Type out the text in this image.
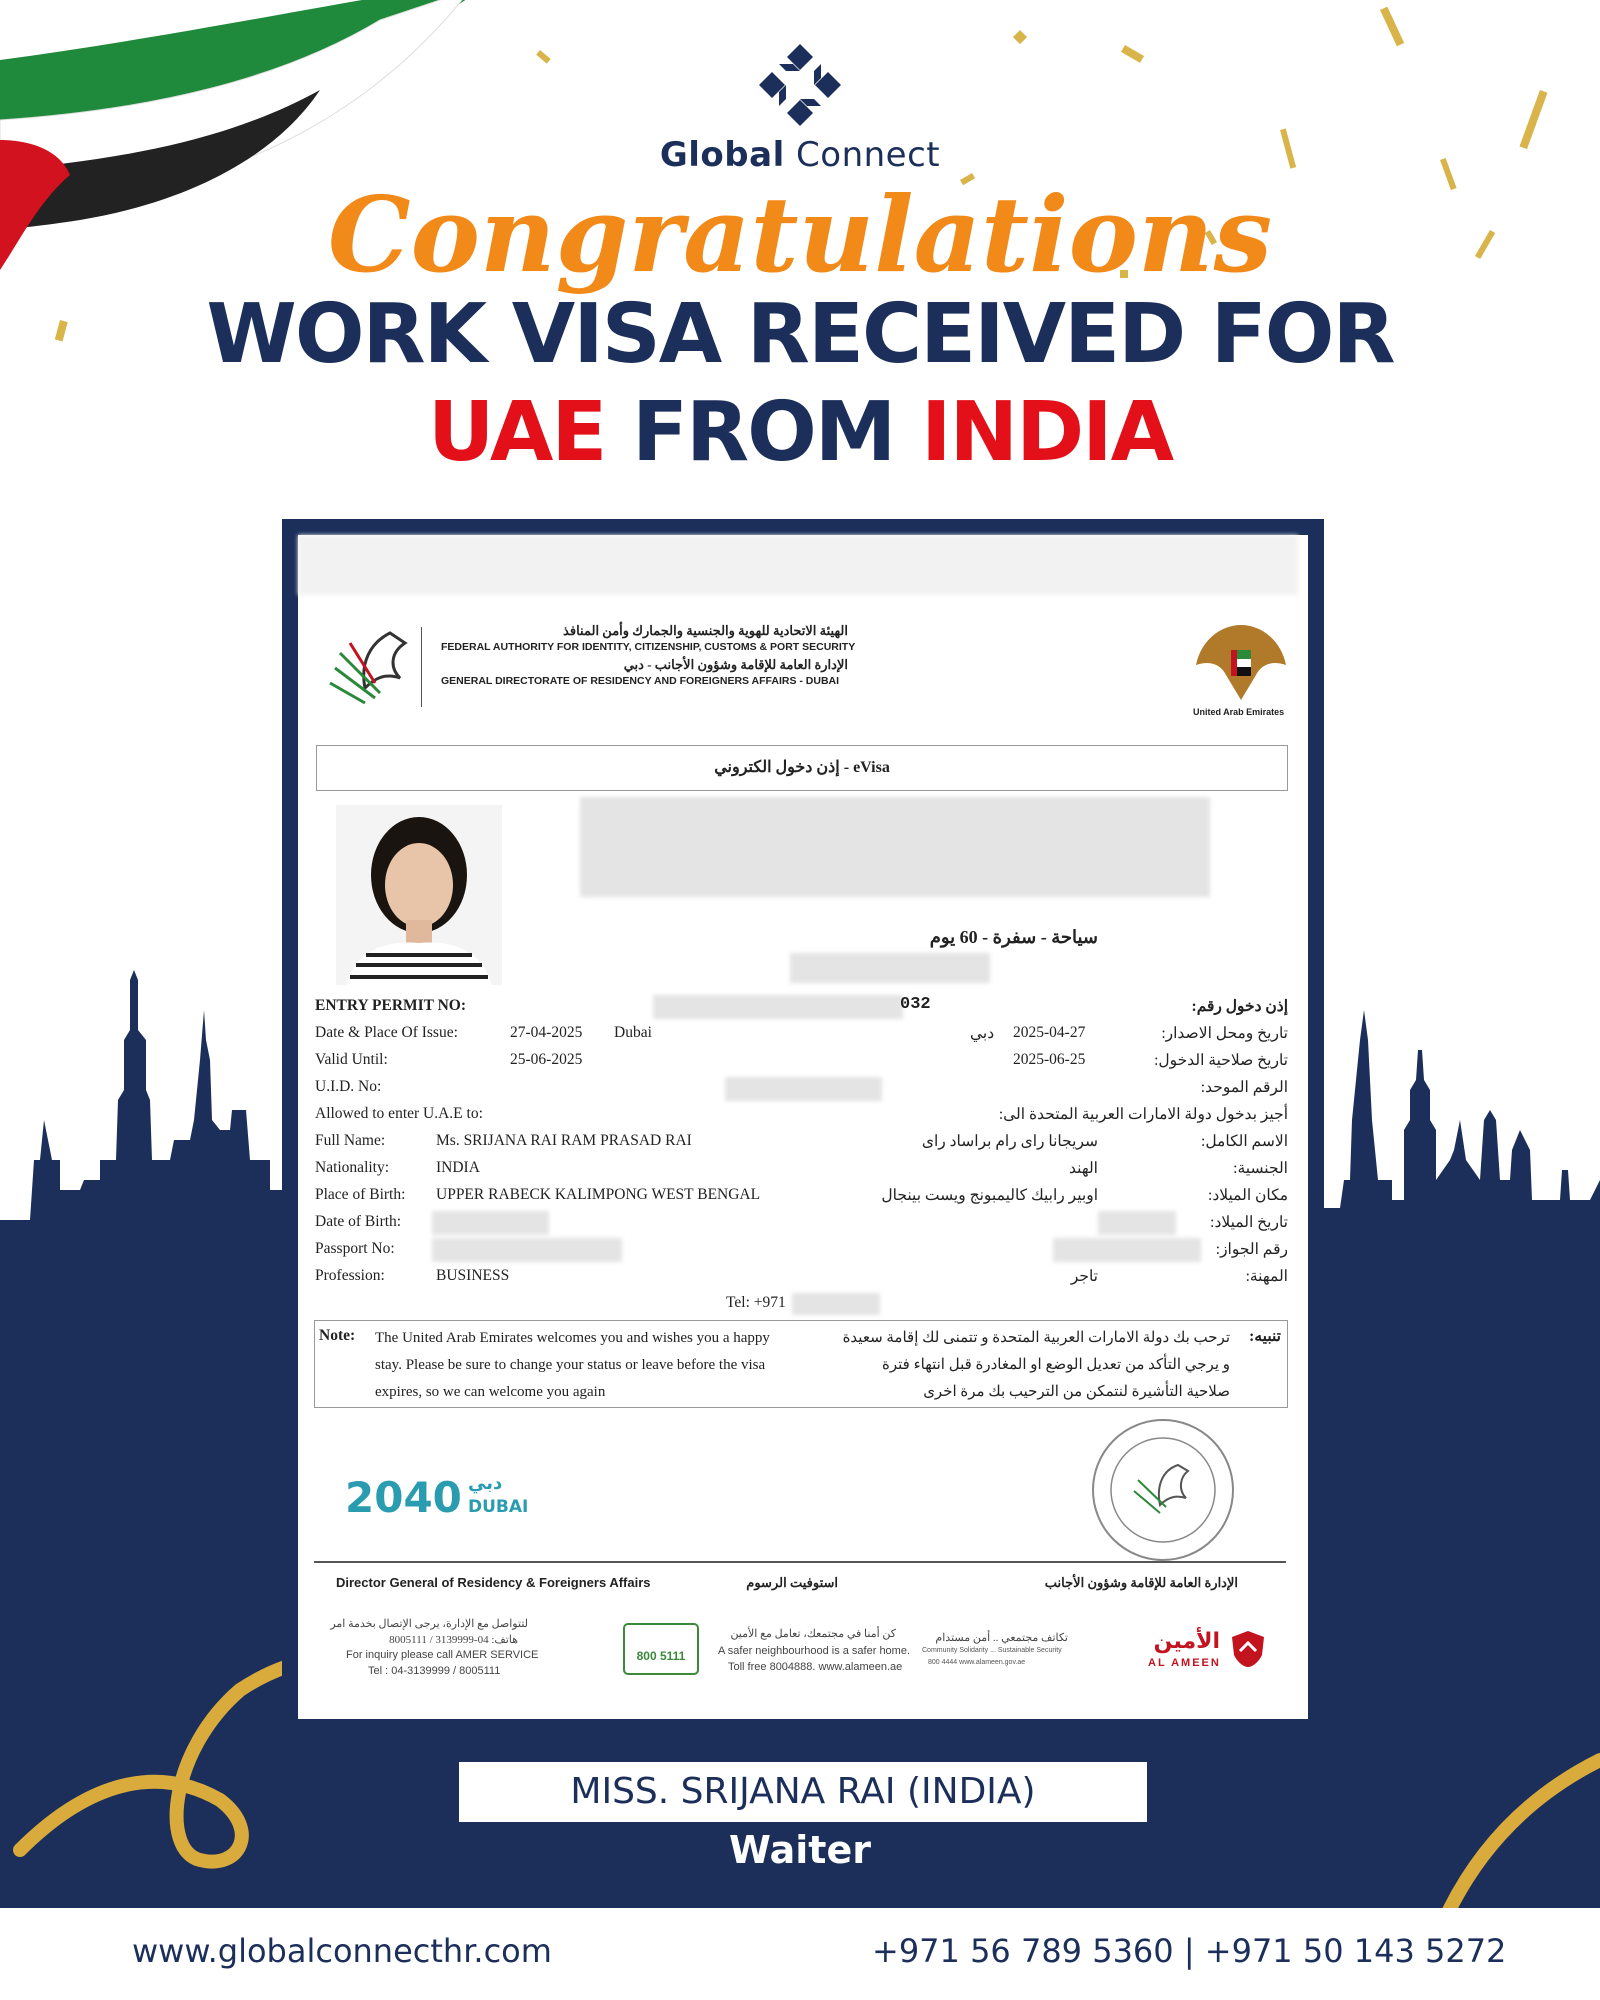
Global Connect
Congratulations
WORK VISA RECEIVED FOR
UAE FROM INDIA
الهيئة الاتحادية للهوية والجنسية والجمارك وأمن المنافذ
FEDERAL AUTHORITY FOR IDENTITY, CITIZENSHIP, CUSTOMS & PORT SECURITY
الإدارة العامة للإقامة وشؤون الأجانب - دبي
GENERAL DIRECTORATE OF RESIDENCY AND FOREIGNERS AFFAIRS - DUBAI
United Arab Emirates
إذن دخول الكتروني - eVisa
سياحة - سفرة - 60 يوم
ENTRY PERMIT NO:	032	إذن دخول رقم:
Date & Place Of Issue:	27-04-2025 Dubai	دبي 2025-04-27	تاريخ ومحل الاصدار:
Valid Until:	25-06-2025	2025-06-25	تاريخ صلاحية الدخول:
U.I.D. No:	الرقم الموحد:
Allowed to enter U.A.E to:	أجيز بدخول دولة الامارات العربية المتحدة الى:
Full Name:	Ms. SRIJANA RAI RAM PRASAD RAI	سريجانا راى رام براساد راى	الاسم الكامل:
Nationality:	INDIA	الهند	الجنسية:
Place of Birth: UPPER RABECK KALIMPONG WEST BENGAL	اوبير رابيك كاليمبونج ويست بينجال	مكان الميلاد:
Date of Birth:	تاريخ الميلاد:
Passport No:	رقم الجواز:
Profession:	BUSINESS	تاجر	المهنة:
Tel: +971
Note: The United Arab Emirates welcomes you and wishes you a happy stay. Please be sure to change your status or leave before the visa expires, so we can welcome you again
ترحب بك دولة الامارات العربية المتحدة و تتمنى لك إقامة سعيدة و يرجي التأكد من تعديل الوضع او المغادرة قبل انتهاء فترة صلاحية التأشيرة لنتمكن من الترحيب بك مرة اخرى
تنبيه:
2040 دبي
DUBAI
Director General of Residency & Foreigners Affairs	استوفيت الرسوم	الإدارة العامة للإقامة وشؤون الأجانب
لتتواصل مع الإدارة، يرجى الإتصال بخدمة امر
هاتف: 04-3139999 / 8005111
For inquiry please call AMER SERVICE
Tel : 04-3139999 / 8005111
800 5111
كن أمنا في مجتمعك، تعامل مع الأمين
A safer neighbourhood is a safer home.
Toll free 8004888. www.alameen.ae
تكاتف مجتمعي .. أمن مستدام
Community Solidarity ... Sustainable Security
800 4444 www.alameen.gov.ae
الأمين
AL AMEEN
MISS. SRIJANA RAI (INDIA)
Waiter
www.globalconnecthr.com	+971 56 789 5360 | +971 50 143 5272
